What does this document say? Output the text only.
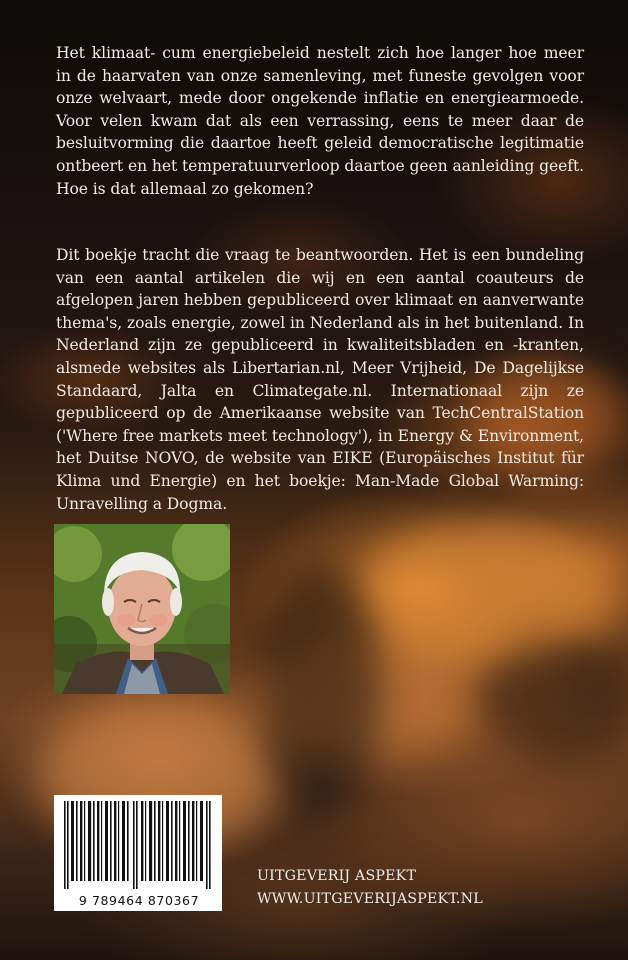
Het klimaat- cum energiebeleid nestelt zich hoe langer hoe meer in de haarvaten van onze samenleving, met funeste gevolgen voor onze welvaart, mede door ongekende inflatie en energiearmoede. Voor velen kwam dat als een verrassing, eens te meer daar de besluitvorming die daartoe heeft geleid democratische legitimatie ontbeert en het temperatuurverloop daartoe geen aanleiding geeft. Hoe is dat allemaal zo gekomen?

Dit boekje tracht die vraag te beantwoorden. Het is een bundeling van een aantal artikelen die wij en een aantal coauteurs de afgelopen jaren hebben gepubliceerd over klimaat en aanverwante thema's, zoals energie, zowel in Nederland als in het buitenland. In Nederland zijn ze gepubliceerd in kwaliteitsbladen en -kranten, alsmede websites als Libertarian.nl, Meer Vrijheid, De Dagelijkse Standaard, Jalta en Climategate.nl. Internationaal zijn ze gepubliceerd op de Amerikaanse website van TechCentralStation ('Where free markets meet technology'), in Energy & Environment, het Duitse NOVO, de website van EIKE (Europäisches Institut für Klima und Energie) en het boekje: Man-Made Global Warming: Unravelling a Dogma.

9 789464 870367
UITGEVERIJ ASPEKT
WWW.UITGEVERIJASPEKT.NL
